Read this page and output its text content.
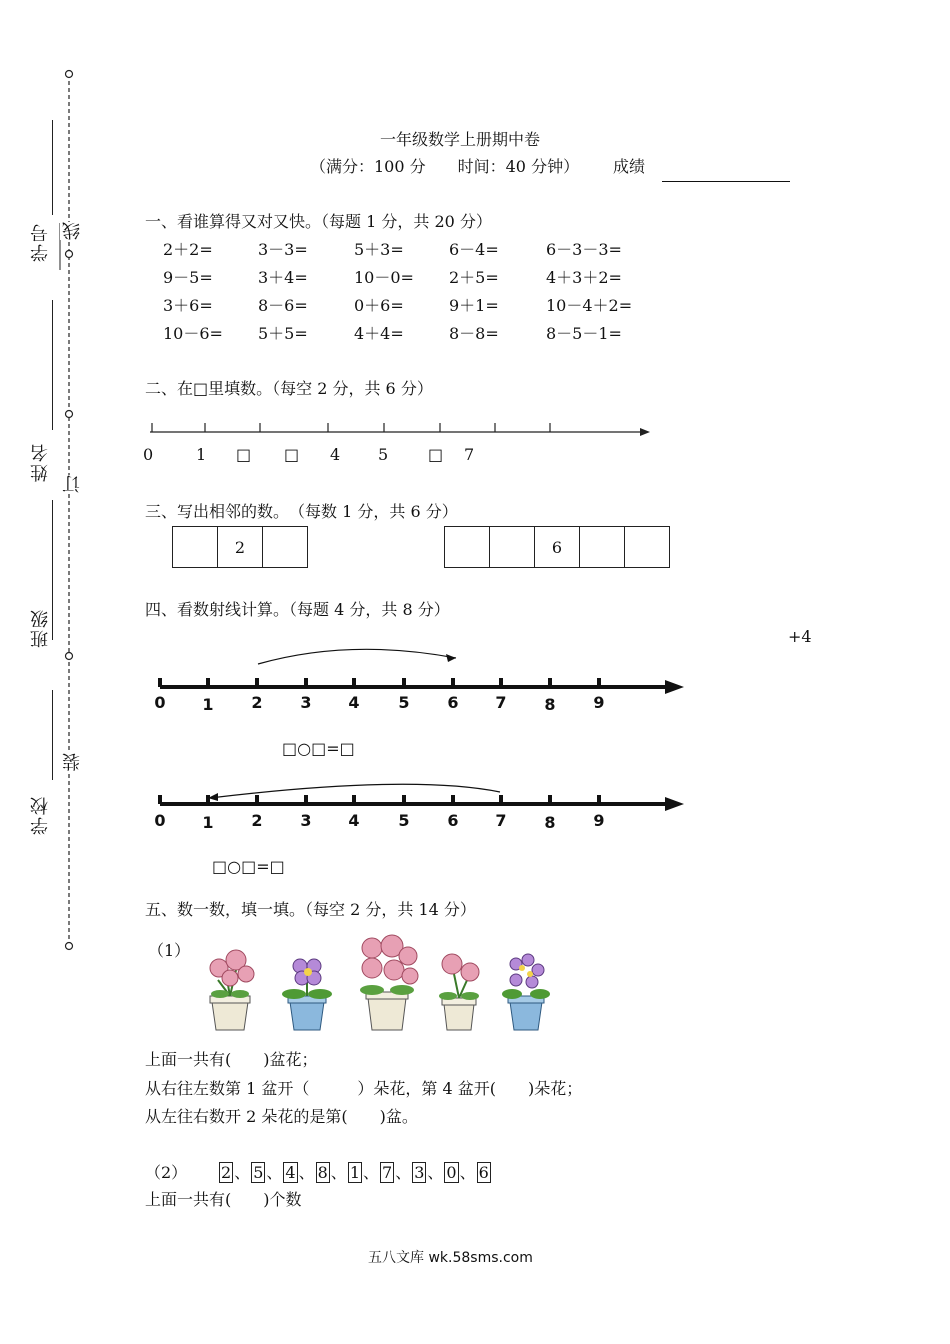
学号
姓名
班级
学校
线
订
装
一年级数学上册期中卷
（满分：100 分　　时间：40 分钟） 成绩
一、看谁算得又对又快。（每题 1 分，共 20 分）
2＋2=	3－3=	5＋3=	6－4=	6－3－3=
9－5=	3＋4=	10－0= 2＋5=	4＋3＋2=
3＋6=	8－6=	0＋6=	9＋1=	10－4＋2=
10－6= 5＋5=	4＋4=	8－8=	8－5－1=
二、在□里填数。（每空 2 分，共 6 分）
0	1 □ □ 4 5 □ 7
三、写出相邻的数。　（每数 1 分，共 6 分）
2	6
四、看数射线计算。（每题 4 分，共 8 分）
+4
0 1 2 3 4 5 6 7 8 9
□○□=□
0 1 2 3 4 5 6 7 8 9
□○□=□
五、数一数，填一填。（每空 2 分，共 14 分）
（1）
上面一共有(　　)盆花；
从右往左数第 1 盆开（　　　）朵花，第 4 盆开(　　)朵花；
从左往右数开 2 朵花的是第(　　)盆。
（2） 2 、 5 、 4 、 8 、 1 、 7 、 3 、 0 、 6
上面一共有(　　)个数
五八文库 wk.58sms.com
